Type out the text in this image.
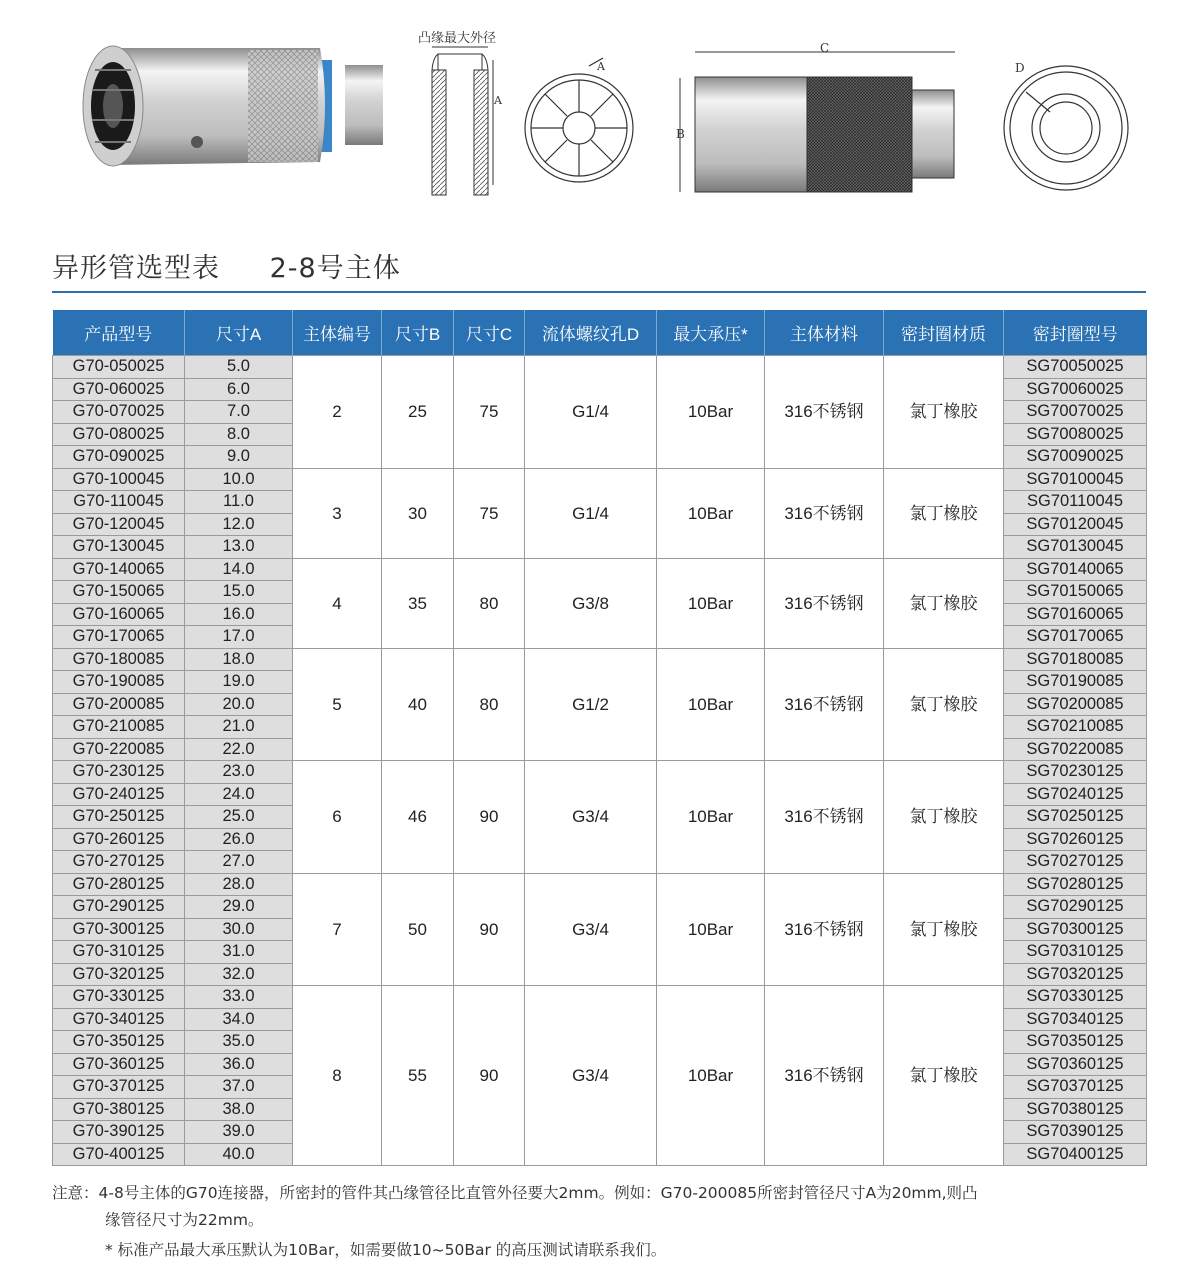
凸缘最大外径
A
A
C
B
D
异形管选型表 2-8号主体
产品型号	尺寸A	主体编号	尺寸B	尺寸C	流体螺纹孔D	最大承压*	主体材料	密封圈材质	密封圈型号
G70-050025	5.0	2	25	75	G1/4	10Bar	316不锈钢	氯丁橡胶	SG70050025
G70-060025	6.0								SG70060025
G70-070025	7.0								SG70070025
G70-080025	8.0								SG70080025
G70-090025	9.0								SG70090025
G70-100045	10.0	3	30	75	G1/4	10Bar	316不锈钢	氯丁橡胶	SG70100045
G70-110045	11.0								SG70110045
G70-120045	12.0								SG70120045
G70-130045	13.0								SG70130045
G70-140065	14.0	4	35	80	G3/8	10Bar	316不锈钢	氯丁橡胶	SG70140065
G70-150065	15.0								SG70150065
G70-160065	16.0								SG70160065
G70-170065	17.0								SG70170065
G70-180085	18.0	5	40	80	G1/2	10Bar	316不锈钢	氯丁橡胶	SG70180085
G70-190085	19.0								SG70190085
G70-200085	20.0								SG70200085
G70-210085	21.0								SG70210085
G70-220085	22.0								SG70220085
G70-230125	23.0	6	46	90	G3/4	10Bar	316不锈钢	氯丁橡胶	SG70230125
G70-240125	24.0								SG70240125
G70-250125	25.0								SG70250125
G70-260125	26.0								SG70260125
G70-270125	27.0								SG70270125
G70-280125	28.0	7	50	90	G3/4	10Bar	316不锈钢	氯丁橡胶	SG70280125
G70-290125	29.0								SG70290125
G70-300125	30.0								SG70300125
G70-310125	31.0								SG70310125
G70-320125	32.0								SG70320125
G70-330125	33.0	8	55	90	G3/4	10Bar	316不锈钢	氯丁橡胶	SG70330125
G70-340125	34.0								SG70340125
G70-350125	35.0								SG70350125
G70-360125	36.0								SG70360125
G70-370125	37.0								SG70370125
G70-380125	38.0								SG70380125
G70-390125	39.0								SG70390125
G70-400125	40.0								SG70400125
注意：4-8号主体的G70连接器，所密封的管件其凸缘管径比直管外径要大2mm。例如：G70-200085所密封管径尺寸A为20mm,则凸
缘管径尺寸为22mm。
* 标准产品最大承压默认为10Bar，如需要做10~50Bar 的高压测试请联系我们。
